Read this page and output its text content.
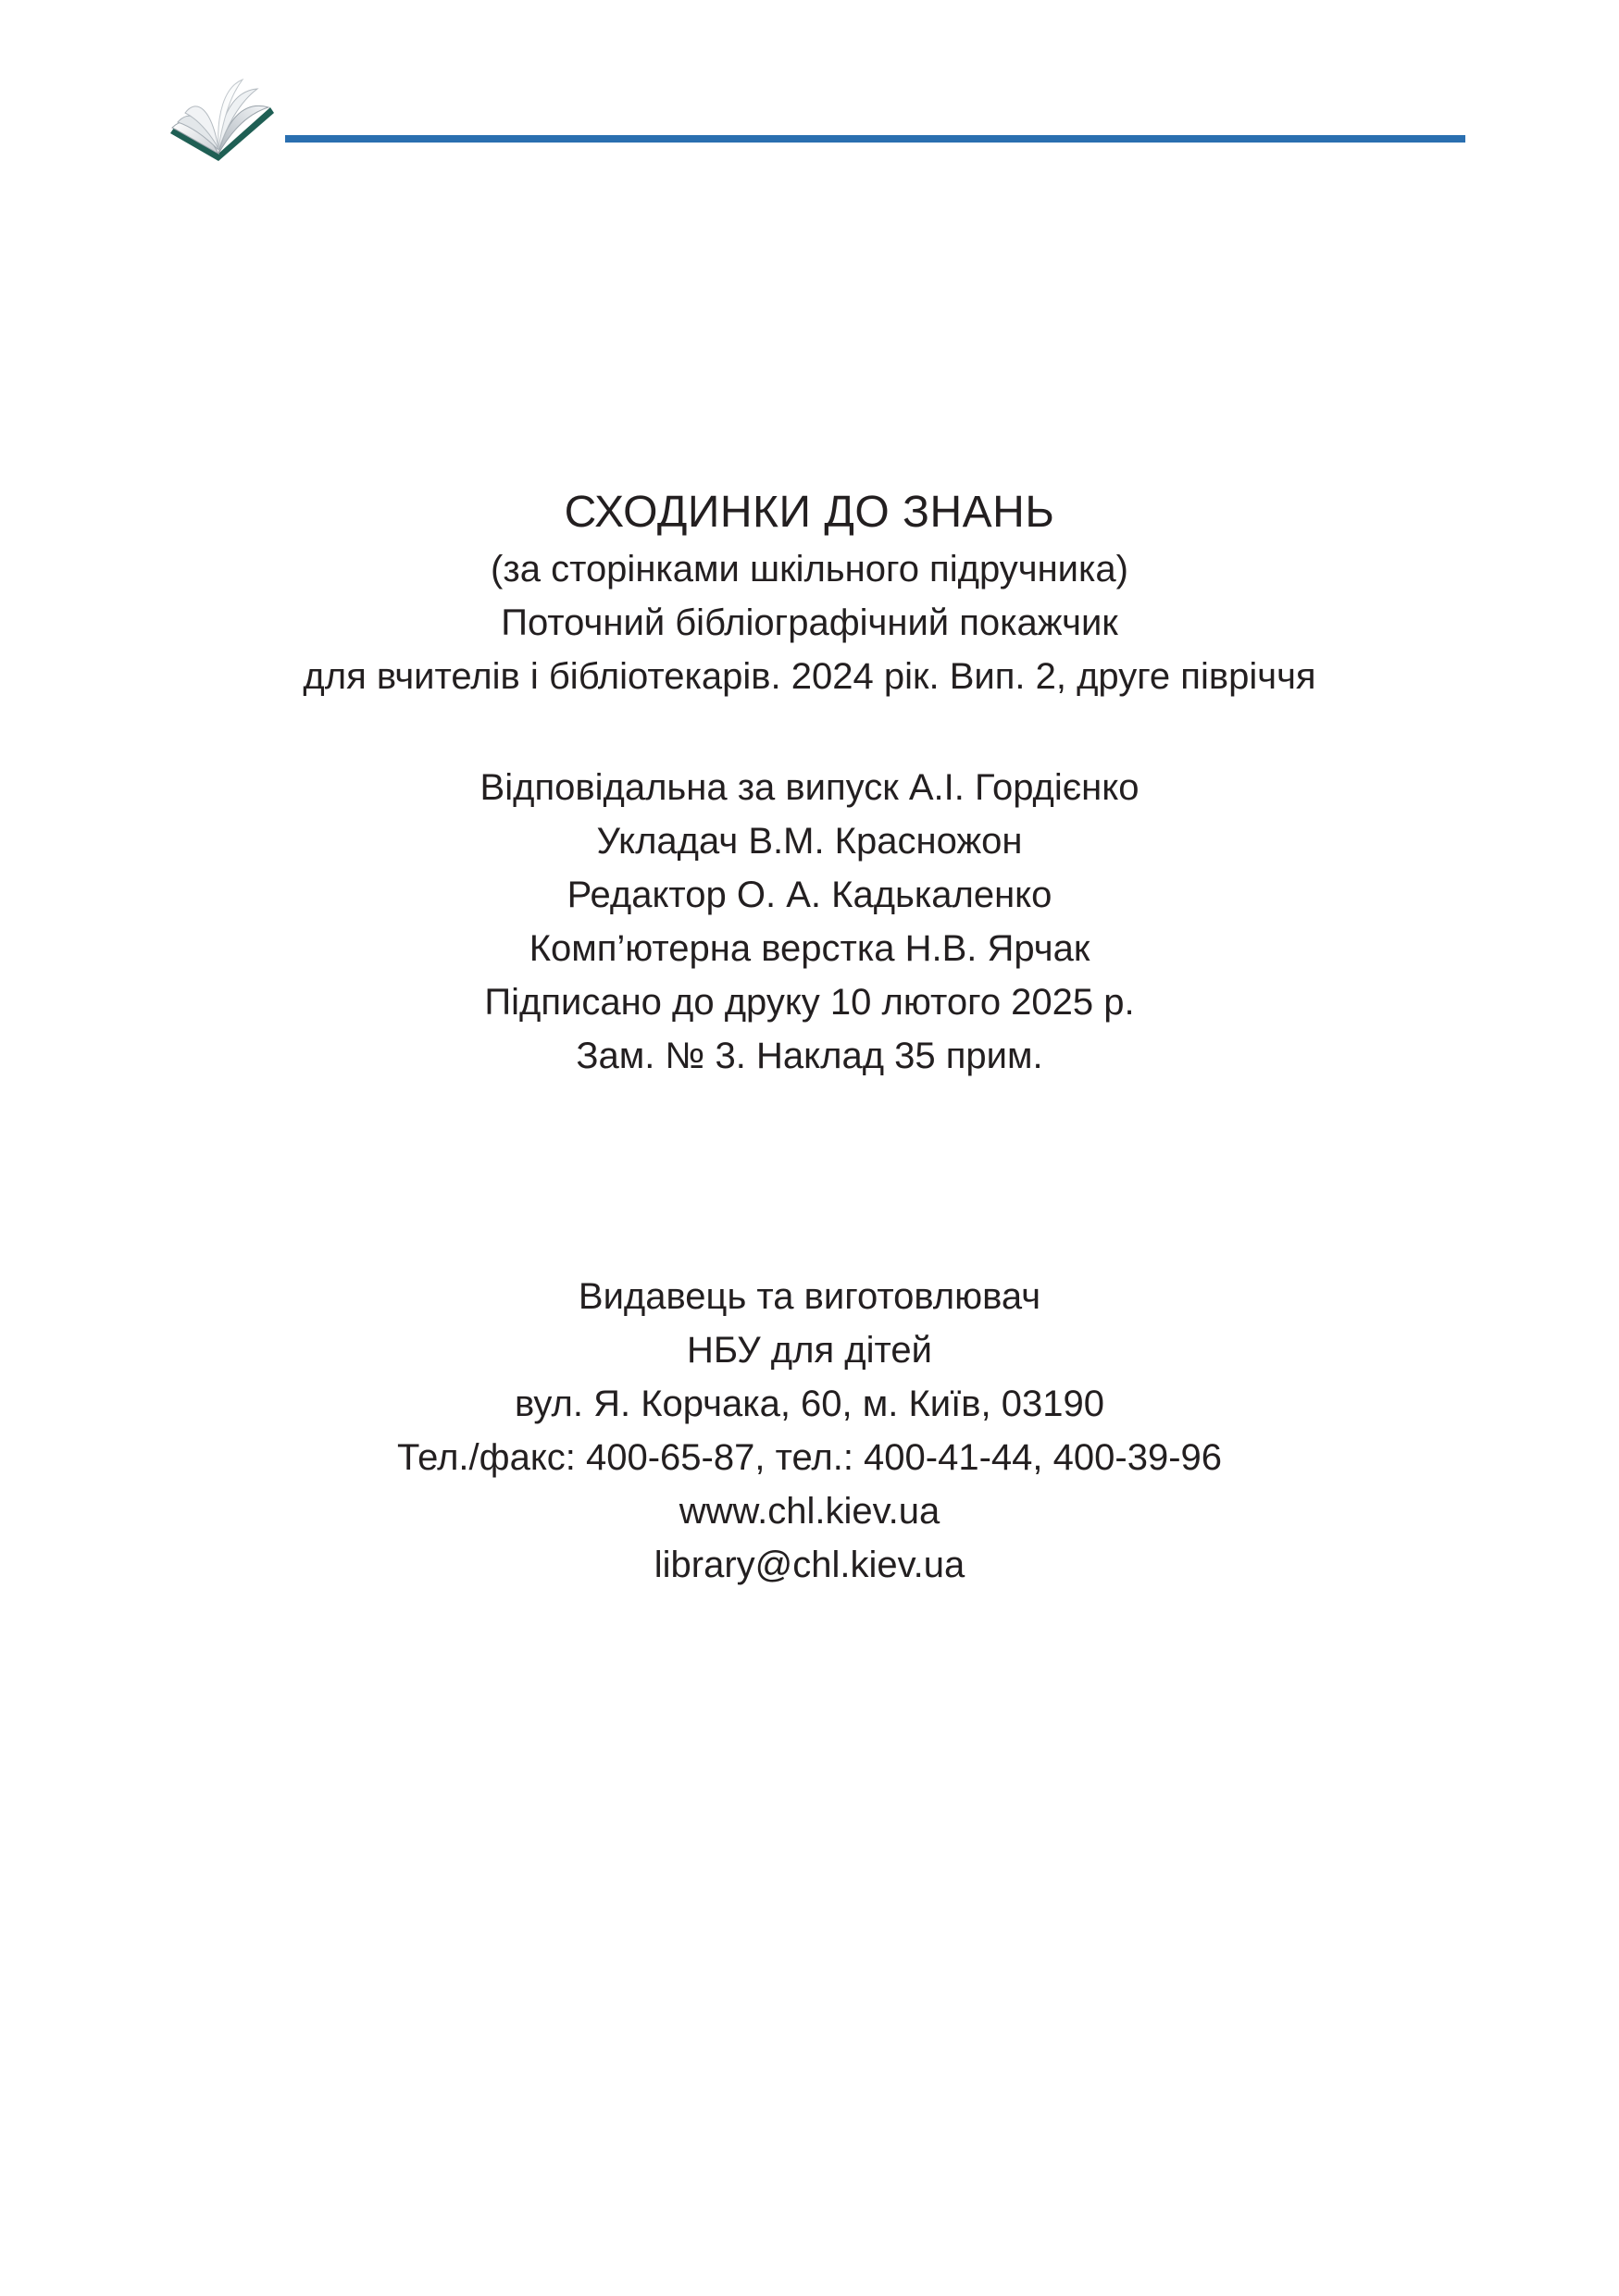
СХОДИНКИ ДО ЗНАНЬ
(за сторінками шкільного підручника)
Поточний бібліографічний покажчик
для вчителів і бібліотекарів. 2024 рік. Вип. 2, друге півріччя
Відповідальна за випуск А.І. Гордієнко
Укладач В.М. Красножон
Редактор О. А. Кадькаленко
Комп’ютерна верстка Н.В. Ярчак
Підписано до друку 10 лютого 2025 р.
Зам. № 3. Наклад 35 прим.
Видавець та виготовлювач
НБУ для дітей
вул. Я. Корчака, 60, м. Київ, 03190
Тел./факс: 400-65-87, тел.: 400-41-44, 400-39-96
www.chl.kiev.ua
library@chl.kiev.ua
